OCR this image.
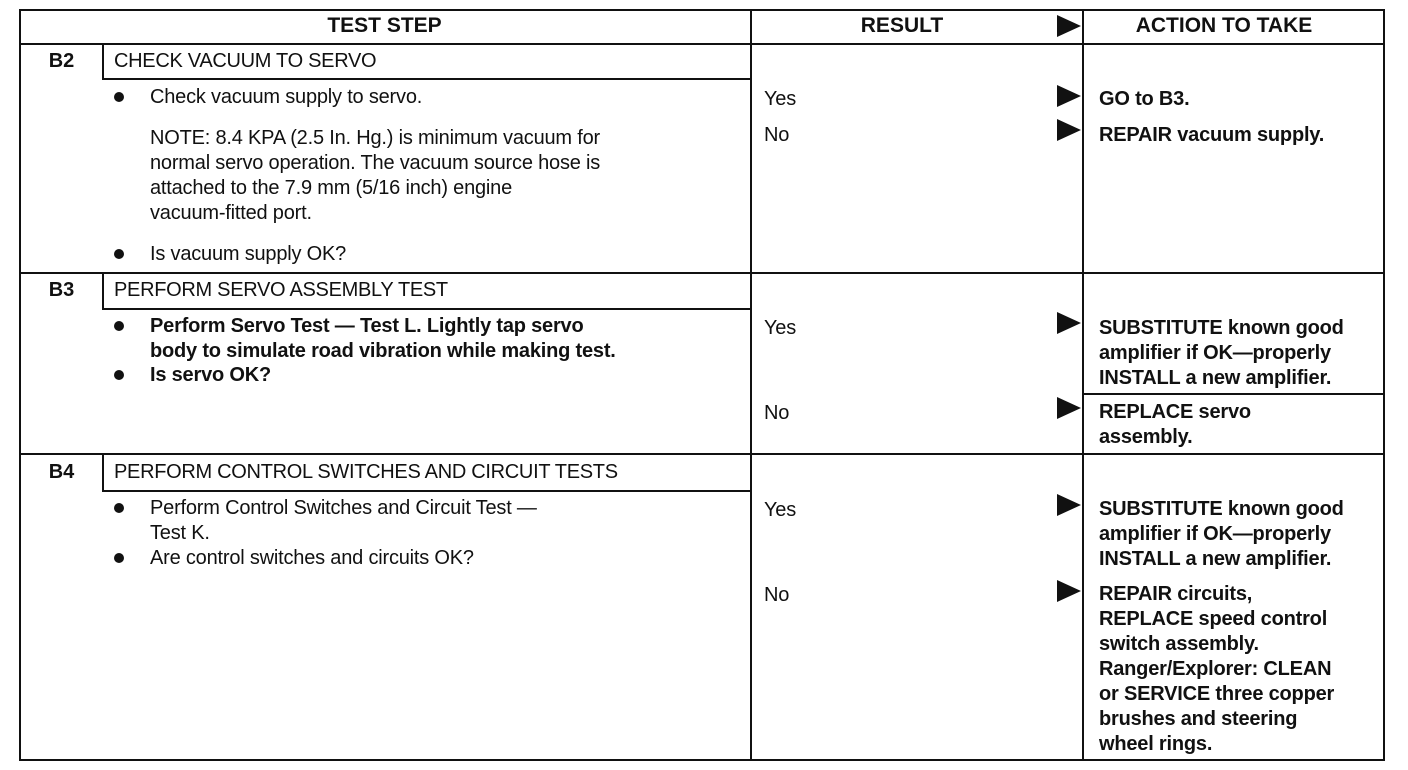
TEST STEP	RESULT	ACTION TO TAKE
B2	CHECK VACUUM TO SERVO
Check vacuum supply to servo.
NOTE: 8.4 KPA (2.5 In. Hg.) is minimum vacuum for
normal servo operation. The vacuum source hose is
attached to the 7.9 mm (5/16 inch) engine
vacuum-fitted port.
Is vacuum supply OK?
Yes	GO to B3.
No	REPAIR vacuum supply.
B3	PERFORM SERVO ASSEMBLY TEST
Perform Servo Test — Test L. Lightly tap servo
body to simulate road vibration while making test.
Is servo OK?
Yes	SUBSTITUTE known good
amplifier if OK—properly
INSTALL a new amplifier.
No	REPLACE servo
assembly.
B4	PERFORM CONTROL SWITCHES AND CIRCUIT TESTS
Perform Control Switches and Circuit Test —
Test K.
Are control switches and circuits OK?
Yes	SUBSTITUTE known good
amplifier if OK—properly
INSTALL a new amplifier.
No	REPAIR circuits,
REPLACE speed control
switch assembly.
Ranger/Explorer: CLEAN
or SERVICE three copper
brushes and steering
wheel rings.
